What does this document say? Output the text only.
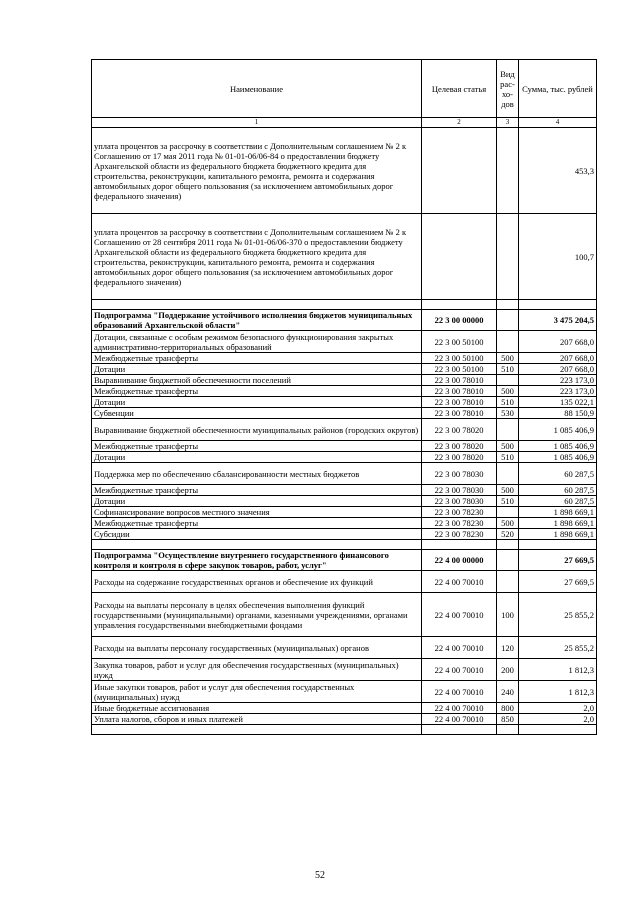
Наименование	Целевая статья	Вид рас-хо-дов	Сумма, тыс. рублей
1	2	3	4
уплата процентов за рассрочку в соответствии с Дополнительным соглашением № 2 к Соглашению от 17 мая 2011 года № 01-01-06/06-84 о предоставлении бюджету Архангельской области из федерального бюджета бюджетного кредита для строительства, реконструкции, капитального ремонта, ремонта и содержания автомобильных дорог общего пользования (за исключением автомобильных дорог федерального значения)			453,3
уплата процентов за рассрочку в соответствии с Дополнительным соглашением № 2 к Соглашению от 28 сентября 2011 года № 01-01-06/06-370 о предоставлении бюджету Архангельской области из федерального бюджета бюджетного кредита для строительства, реконструкции, капитального ремонта, ремонта и содержания автомобильных дорог общего пользования (за исключением автомобильных дорог федерального значения)			100,7

Подпрограмма "Поддержание устойчивого исполнения бюджетов муниципальных образований Архангельской области"	22 3 00 00000		3 475 204,5
Дотации, связанные с особым режимом безопасного функционирования закрытых административно-территориальных образований	22 3 00 50100		207 668,0
Межбюджетные трансферты	22 3 00 50100	500	207 668,0
Дотации	22 3 00 50100	510	207 668,0
Выравнивание бюджетной обеспеченности поселений	22 3 00 78010		223 173,0
Межбюджетные трансферты	22 3 00 78010	500	223 173,0
Дотации	22 3 00 78010	510	135 022,1
Субвенции	22 3 00 78010	530	88 150,9
Выравнивание бюджетной обеспеченности муниципальных районов (городских округов)	22 3 00 78020		1 085 406,9
Межбюджетные трансферты	22 3 00 78020	500	1 085 406,9
Дотации	22 3 00 78020	510	1 085 406,9
Поддержка мер по обеспечению сбалансированности местных бюджетов	22 3 00 78030		60 287,5
Межбюджетные трансферты	22 3 00 78030	500	60 287,5
Дотации	22 3 00 78030	510	60 287,5
Софинансирование вопросов местного значения	22 3 00 78230		1 898 669,1
Межбюджетные трансферты	22 3 00 78230	500	1 898 669,1
Субсидии	22 3 00 78230	520	1 898 669,1

Подпрограмма "Осуществление внутреннего государственного финансового контроля и контроля в сфере закупок товаров, работ, услуг"	22 4 00 00000		27 669,5
Расходы на содержание государственных органов и обеспечение их функций	22 4 00 70010		27 669,5
Расходы на выплаты персоналу в целях обеспечения выполнения функций государственными (муниципальными) органами, казенными учреждениями, органами управления государственными внебюджетными фондами	22 4 00 70010	100	25 855,2
Расходы на выплаты персоналу государственных (муниципальных) органов	22 4 00 70010	120	25 855,2
Закупка товаров, работ и услуг для обеспечения государственных (муниципальных) нужд	22 4 00 70010	200	1 812,3
Иные закупки товаров, работ и услуг для обеспечения государственных (муниципальных) нужд	22 4 00 70010	240	1 812,3
Иные бюджетные ассигнования	22 4 00 70010	800	2,0
Уплата налогов, сборов и иных платежей	22 4 00 70010	850	2,0

52
